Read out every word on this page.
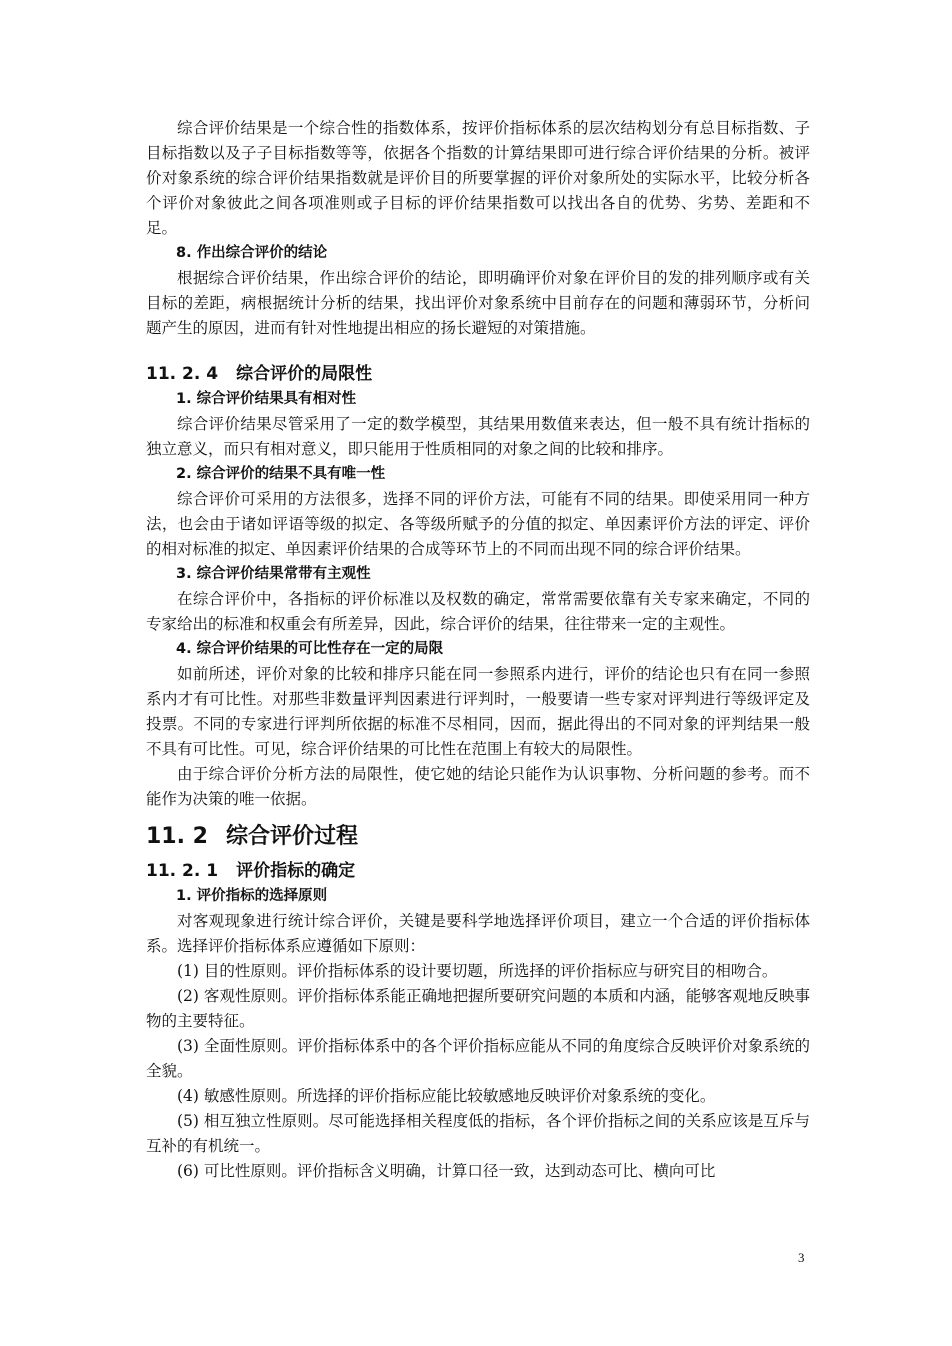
综合评价结果是一个综合性的指数体系，按评价指标体系的层次结构划分有总目标指数、子目标指数以及子子目标指数等等，依据各个指数的计算结果即可进行综合评价结果的分析。被评价对象系统的综合评价结果指数就是评价目的所要掌握的评价对象所处的实际水平，比较分析各个评价对象彼此之间各项准则或子目标的评价结果指数可以找出各自的优势、劣势、差距和不足。

8. 作出综合评价的结论

根据综合评价结果，作出综合评价的结论，即明确评价对象在评价目的发的排列顺序或有关目标的差距，病根据统计分析的结果，找出评价对象系统中目前存在的问题和薄弱环节，分析问题产生的原因，进而有针对性地提出相应的扬长避短的对策措施。

11. 2. 4 综合评价的局限性

1. 综合评价结果具有相对性

综合评价结果尽管采用了一定的数学模型，其结果用数值来表达，但一般不具有统计指标的独立意义，而只有相对意义，即只能用于性质相同的对象之间的比较和排序。

2. 综合评价的结果不具有唯一性

综合评价可采用的方法很多，选择不同的评价方法，可能有不同的结果。即使采用同一种方法，也会由于诸如评语等级的拟定、各等级所赋予的分值的拟定、单因素评价方法的评定、评价的相对标准的拟定、单因素评价结果的合成等环节上的不同而出现不同的综合评价结果。

3. 综合评价结果常带有主观性

在综合评价中，各指标的评价标准以及权数的确定，常常需要依靠有关专家来确定，不同的专家给出的标准和权重会有所差异，因此，综合评价的结果，往往带来一定的主观性。

4. 综合评价结果的可比性存在一定的局限

如前所述，评价对象的比较和排序只能在同一参照系内进行，评价的结论也只有在同一参照系内才有可比性。对那些非数量评判因素进行评判时，一般要请一些专家对评判进行等级评定及投票。不同的专家进行评判所依据的标准不尽相同，因而，据此得出的不同对象的评判结果一般不具有可比性。可见，综合评价结果的可比性在范围上有较大的局限性。

由于综合评价分析方法的局限性，使它她的结论只能作为认识事物、分析问题的参考。而不能作为决策的唯一依据。

11. 2 综合评价过程
11. 2. 1 评价指标的确定

1. 评价指标的选择原则

对客观现象进行统计综合评价，关键是要科学地选择评价项目，建立一个合适的评价指标体系。选择评价指标体系应遵循如下原则：

(1) 目的性原则。评价指标体系的设计要切题，所选择的评价指标应与研究目的相吻合。

(2) 客观性原则。评价指标体系能正确地把握所要研究问题的本质和内涵，能够客观地反映事物的主要特征。

(3) 全面性原则。评价指标体系中的各个评价指标应能从不同的角度综合反映评价对象系统的全貌。

(4) 敏感性原则。所选择的评价指标应能比较敏感地反映评价对象系统的变化。

(5) 相互独立性原则。尽可能选择相关程度低的指标，各个评价指标之间的关系应该是互斥与互补的有机统一。

(6) 可比性原则。评价指标含义明确，计算口径一致，达到动态可比、横向可比

3
